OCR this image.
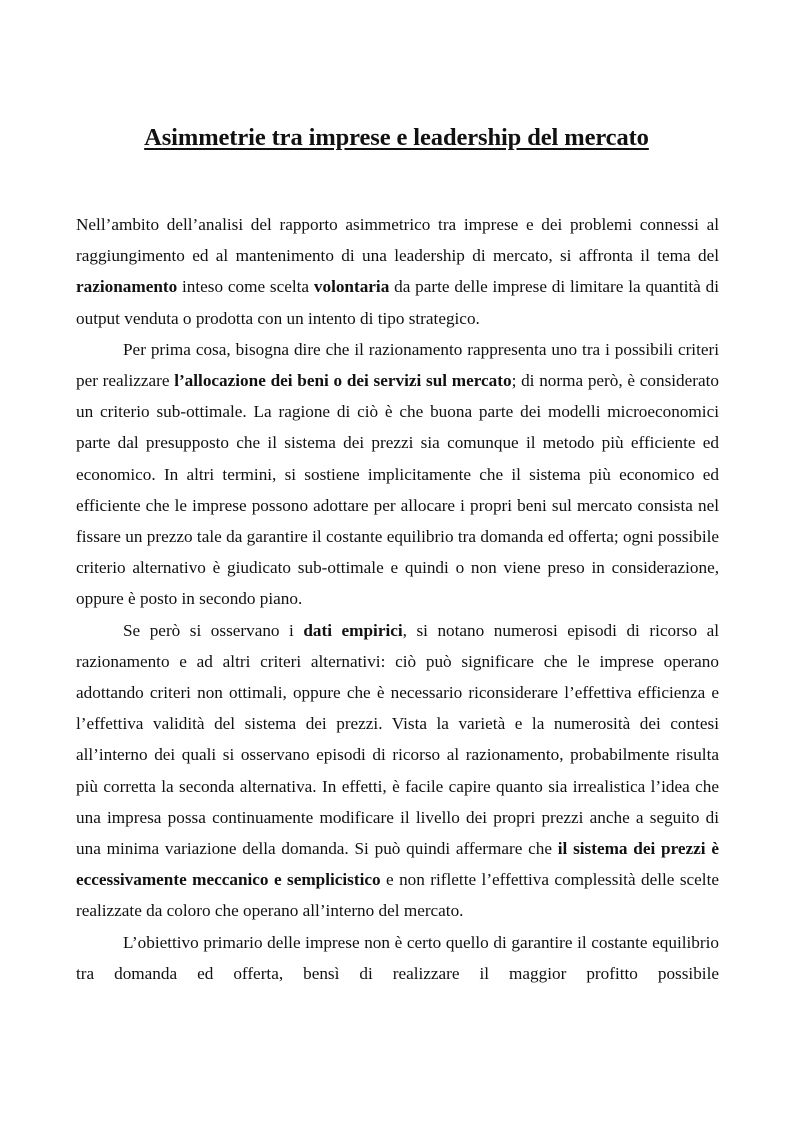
Asimmetrie tra imprese e leadership del mercato

Nell’ambito dell’analisi del rapporto asimmetrico tra imprese e dei problemi connessi al raggiungimento ed al mantenimento di una leadership di mercato, si affronta il tema del razionamento inteso come scelta volontaria da parte delle imprese di limitare la quantità di output venduta o prodotta con un intento di tipo strategico.

Per prima cosa, bisogna dire che il razionamento rappresenta uno tra i possibili criteri per realizzare l’allocazione dei beni o dei servizi sul mercato; di norma però, è considerato un criterio sub-ottimale. La ragione di ciò è che buona parte dei modelli microeconomici parte dal presupposto che il sistema dei prezzi sia comunque il metodo più efficiente ed economico. In altri termini, si sostiene implicitamente che il sistema più economico ed efficiente che le imprese possono adottare per allocare i propri beni sul mercato consista nel fissare un prezzo tale da garantire il costante equilibrio tra domanda ed offerta; ogni possibile criterio alternativo è giudicato sub-ottimale e quindi o non viene preso in considerazione, oppure è posto in secondo piano.

Se però si osservano i dati empirici, si notano numerosi episodi di ricorso al razionamento e ad altri criteri alternativi: ciò può significare che le imprese operano adottando criteri non ottimali, oppure che è necessario riconsiderare l’effettiva efficienza e l’effettiva validità del sistema dei prezzi. Vista la varietà e la numerosità dei contesi all’interno dei quali si osservano episodi di ricorso al razionamento, probabilmente risulta più corretta la seconda alternativa. In effetti, è facile capire quanto sia irrealistica l’idea che una impresa possa continuamente modificare il livello dei propri prezzi anche a seguito di una minima variazione della domanda. Si può quindi affermare che il sistema dei prezzi è eccessivamente meccanico e semplicistico e non riflette l’effettiva complessità delle scelte realizzate da coloro che operano all’interno del mercato.

L’obiettivo primario delle imprese non è certo quello di garantire il costante equilibrio tra domanda ed offerta, bensì di realizzare il maggior profitto possibile
